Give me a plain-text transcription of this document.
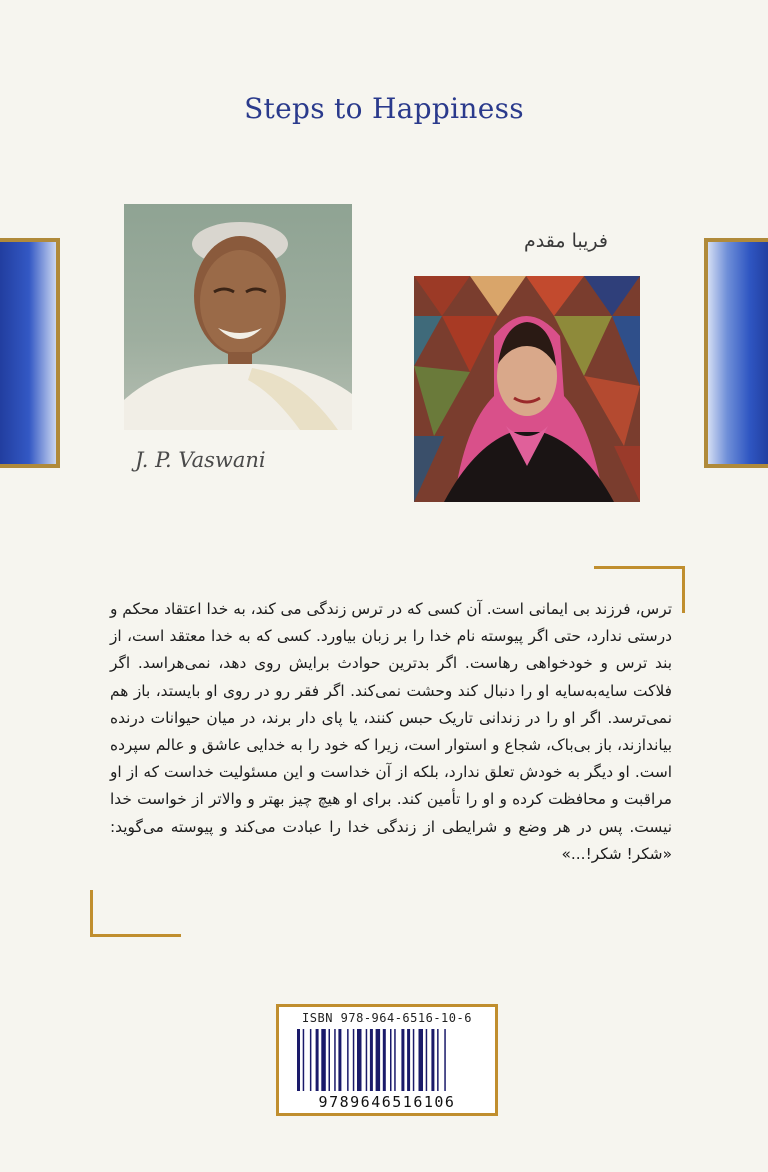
Steps to Happiness
J. P. Vaswani
فریبا مقدم
ترس، فرزند بی ایمانی است. آن کسی که در ترس زندگی می کند، به خدا اعتقاد محکم و درستی ندارد، حتی اگر پیوسته نام خدا را بر زبان بیاورد. کسی که به خدا معتقد است، از بند ترس و خودخواهی رهاست. اگر بدترین حوادث برایش روی دهد، نمی‌هراسد. اگر فلاکت سایه‌به‌سایه او را دنبال کند وحشت نمی‌کند. اگر فقر رو در روی او بایستد، باز هم نمی‌ترسد. اگر او را در زندانی تاریک حبس کنند، یا پای دار برند، در میان حیوانات درنده بیاندازند، باز بی‌باک، شجاع و استوار است، زیرا که خود را به خدایی عاشق و عالم سپرده است. او دیگر به خودش تعلق ندارد، بلکه از آن خداست و این مسئولیت خداست که از او مراقبت و محافظت کرده و او را تأمین کند. برای او هیچ چیز بهتر و والاتر از خواست خدا نیست. پس در هر وضع و شرایطی از زندگی خدا را عبادت می‌کند و پیوسته می‌گوید: «شکر! شکر!...»
ISBN 978-964-6516-10-6
9789646516106
